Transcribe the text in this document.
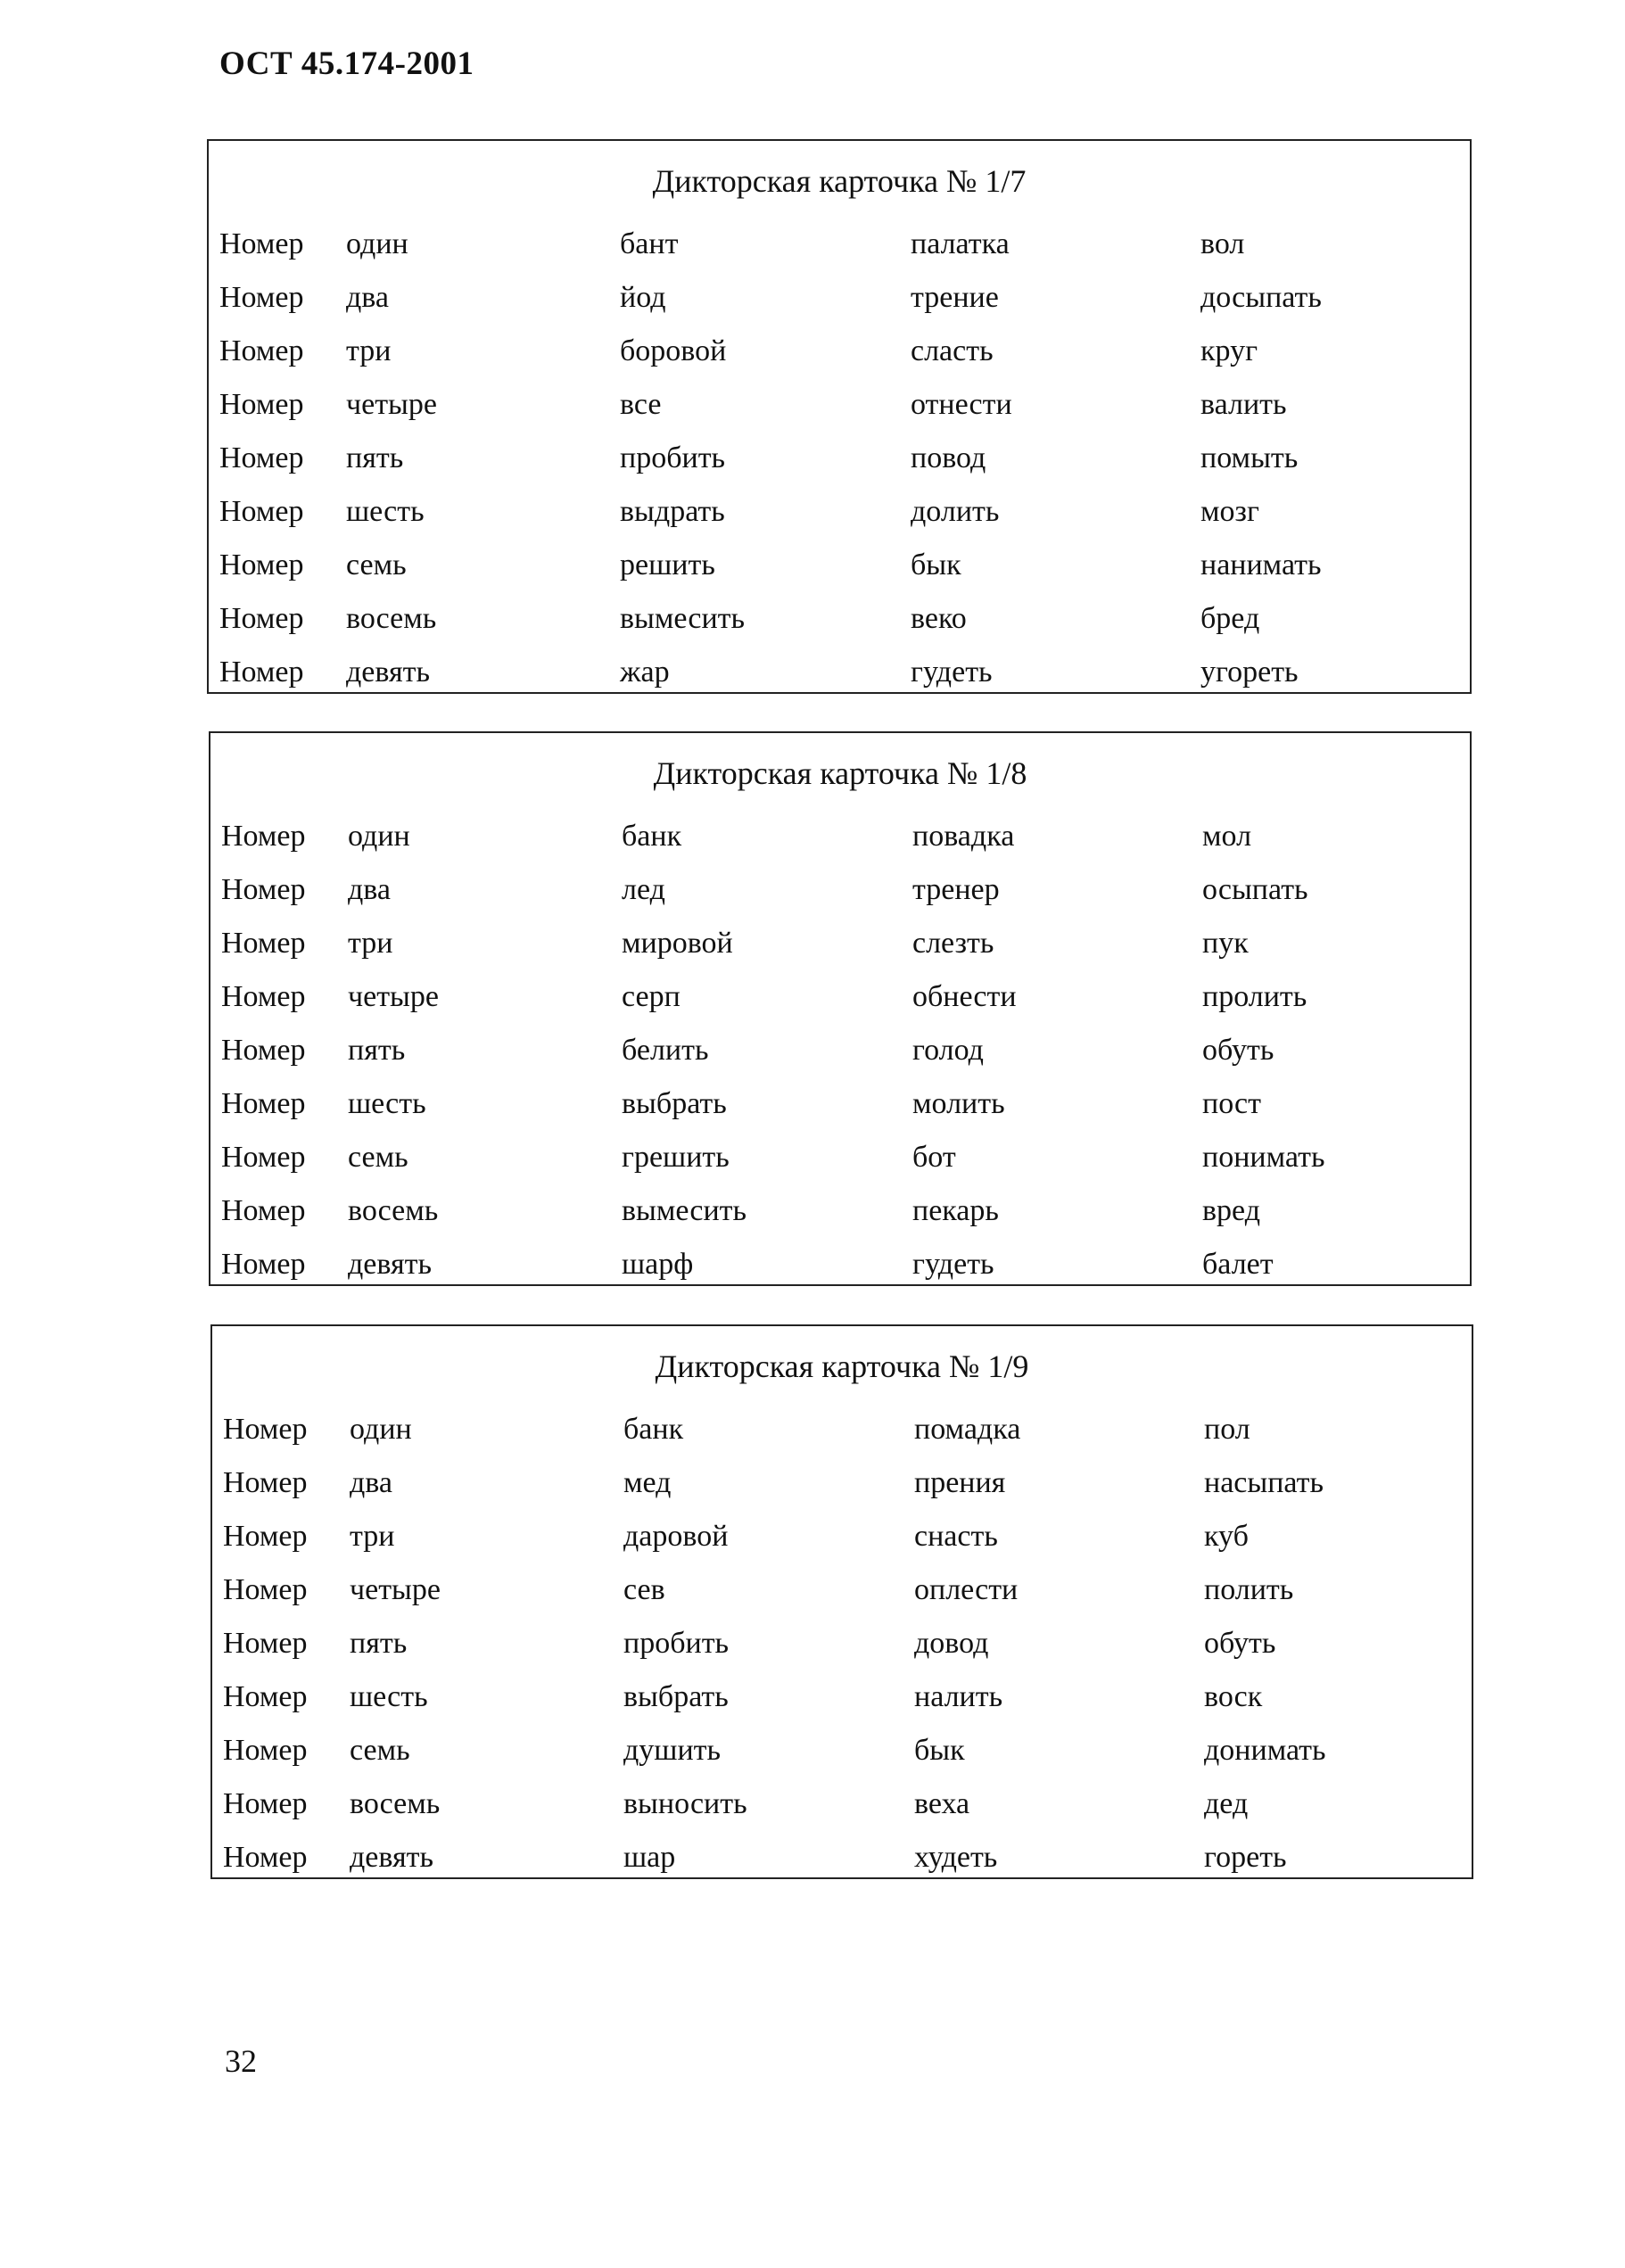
ОСТ 45.174-2001
Дикторская карточка № 1/7
Номер один	бант	палатка	вол
Номер два	йод	трение	досыпать
Номер три	боровой	сласть	круг
Номер четыре	все	отнести	валить
Номер пять	пробить	повод	помыть
Номер шесть	выдрать	долить	мозг
Номер семь	решить	бык	нанимать
Номер восемь	вымесить	веко	бред
Номер девять	жар	гудеть	угореть
Дикторская карточка № 1/8
Номер один	банк	повадка	мол
Номер два	лед	тренер	осыпать
Номер три	мировой	слезть	пук
Номер четыре	серп	обнести	пролить
Номер пять	белить	голод	обуть
Номер шесть	выбрать	молить	пост
Номер семь	грешить	бот	понимать
Номер восемь	вымесить	пекарь	вред
Номер девять	шарф	гудеть	балет
Дикторская карточка № 1/9
Номер один	банк	помадка	пол
Номер два	мед	прения	насыпать
Номер три	даровой	снасть	куб
Номер четыре	сев	оплести	полить
Номер пять	пробить	довод	обуть
Номер шесть	выбрать	налить	воск
Номер семь	душить	бык	донимать
Номер восемь	выносить	веха	дед
Номер девять	шар	худеть	гореть
32
